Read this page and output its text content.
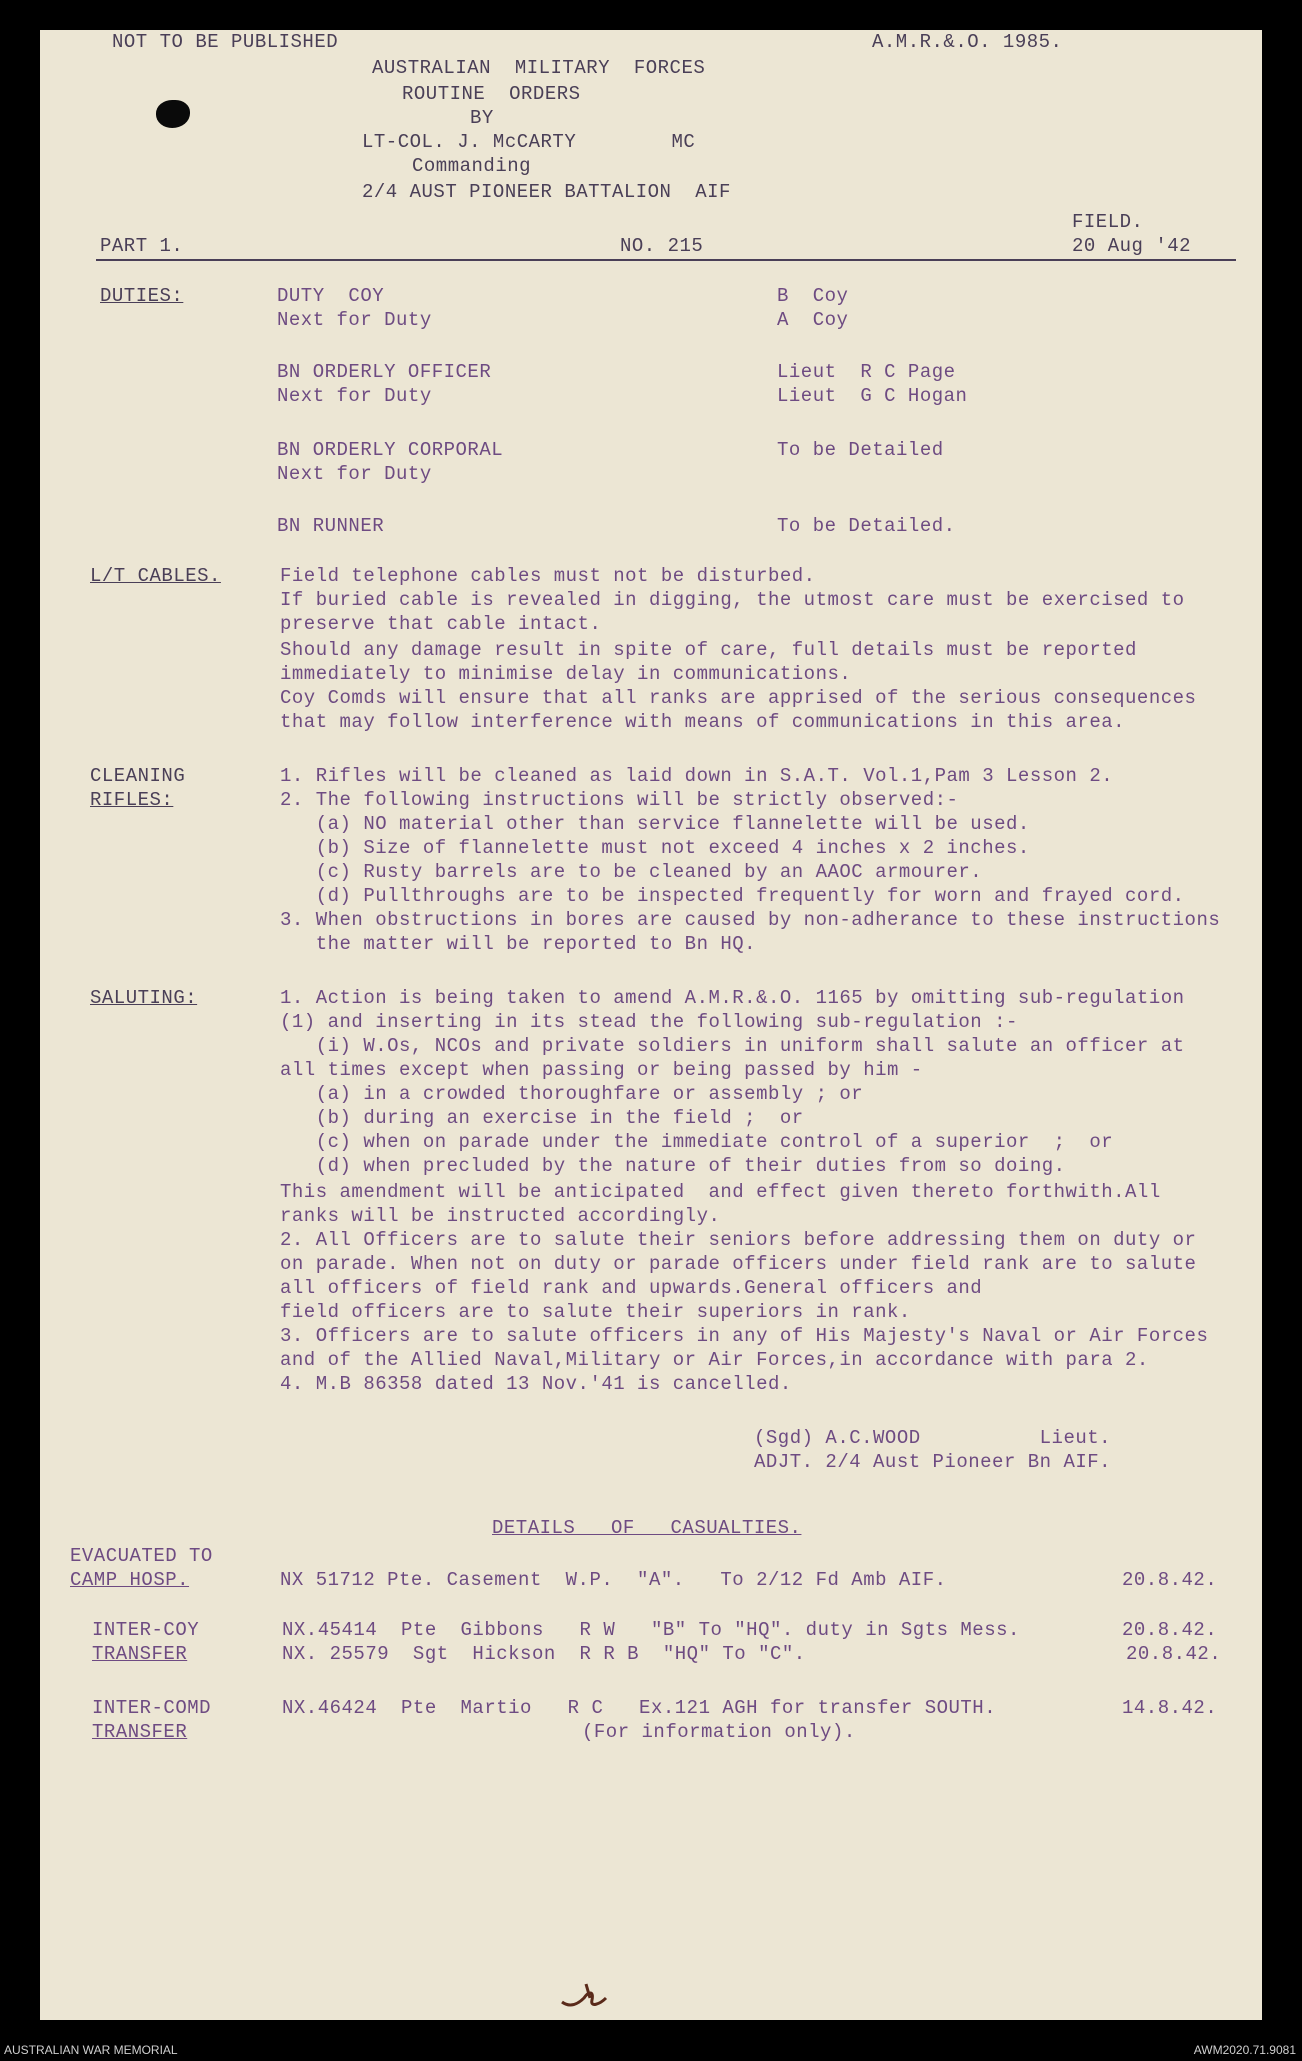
NOT TO BE PUBLISHED	A.M.R.&.O. 1985.
AUSTRALIAN  MILITARY  FORCES
ROUTINE  ORDERS
BY
LT-COL. J. McCARTY        MC
Commanding
2/4 AUST PIONEER BATTALION  AIF
FIELD.
PART 1.	NO. 215	20 Aug '42
DUTIES:	DUTY  COY	B  Coy
Next for Duty	A  Coy
BN ORDERLY OFFICER	Lieut  R C Page
Next for Duty	Lieut  G C Hogan
BN ORDERLY CORPORAL	To be Detailed
Next for Duty
BN RUNNER	To be Detailed.
L/T CABLES.	Field telephone cables must not be disturbed.
If buried cable is revealed in digging, the utmost care must be exercised to
preserve that cable intact.
Should any damage result in spite of care, full details must be reported
immediately to minimise delay in communications.
Coy Comds will ensure that all ranks are apprised of the serious consequences
that may follow interference with means of communications in this area.
CLEANING
RIFLES:
1. Rifles will be cleaned as laid down in S.A.T. Vol.1,Pam 3 Lesson 2.
2. The following instructions will be strictly observed:-
(a) NO material other than service flannelette will be used.
(b) Size of flannelette must not exceed 4 inches x 2 inches.
(c) Rusty barrels are to be cleaned by an AAOC armourer.
(d) Pullthroughs are to be inspected frequently for worn and frayed cord.
3. When obstructions in bores are caused by non-adherance to these instructions
the matter will be reported to Bn HQ.
SALUTING:	1. Action is being taken to amend A.M.R.&.O. 1165 by omitting sub-regulation
(1) and inserting in its stead the following sub-regulation :-
(i) W.Os, NCOs and private soldiers in uniform shall salute an officer at
all times except when passing or being passed by him -
(a) in a crowded thoroughfare or assembly ; or
(b) during an exercise in the field ;  or
(c) when on parade under the immediate control of a superior  ;  or
(d) when precluded by the nature of their duties from so doing.
This amendment will be anticipated  and effect given thereto forthwith.All
ranks will be instructed accordingly.
2. All Officers are to salute their seniors before addressing them on duty or
on parade. When not on duty or parade officers under field rank are to salute
all officers of field rank and upwards.General officers and
field officers are to salute their superiors in rank.
3. Officers are to salute officers in any of His Majesty's Naval or Air Forces
and of the Allied Naval,Military or Air Forces,in accordance with para 2.
4. M.B 86358 dated 13 Nov.'41 is cancelled.
(Sgd) A.C.WOOD          Lieut.
ADJT. 2/4 Aust Pioneer Bn AIF.
DETAILS   OF   CASUALTIES.
EVACUATED TO
CAMP HOSP.	NX 51712 Pte. Casement  W.P.  "A".   To 2/12 Fd Amb AIF.	20.8.42.
INTER-COY
TRANSFER
NX.45414  Pte  Gibbons   R W   "B" To "HQ". duty in Sgts Mess.	20.8.42.
NX. 25579  Sgt  Hickson  R R B  "HQ" To "C".	20.8.42.
INTER-COMD
TRANSFER
NX.46424  Pte  Martio   R C   Ex.121 AGH for transfer SOUTH.	14.8.42.
(For information only).
AUSTRALIAN WAR MEMORIAL	AWM2020.71.9081
